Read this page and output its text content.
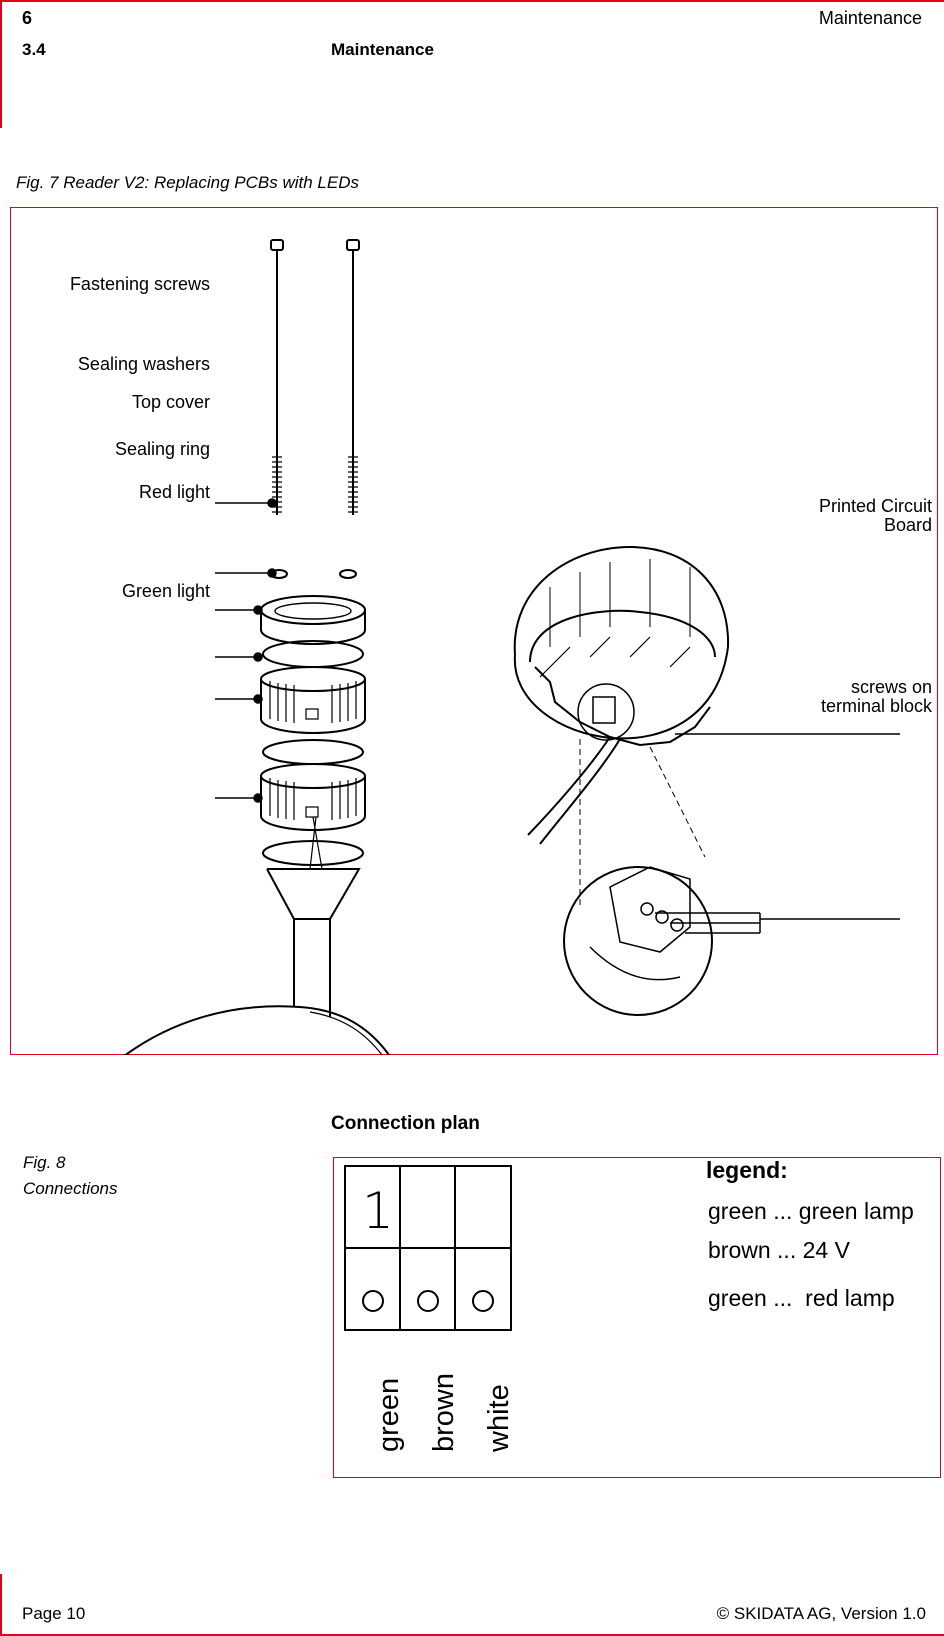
6	Maintenance
3.4	Maintenance
Fig. 7 Reader V2: Replacing PCBs with LEDs
Fastening screws
Sealing washers
Top cover
Sealing ring
Red light
Green light
Printed Circuit
Board
screws on
terminal block
Connection plan
Fig. 8
Connections	1
green brown white
legend:
green ... green lamp
brown ... 24 V
green ...  red lamp
Page 10	© SKIDATA AG, Version 1.0
